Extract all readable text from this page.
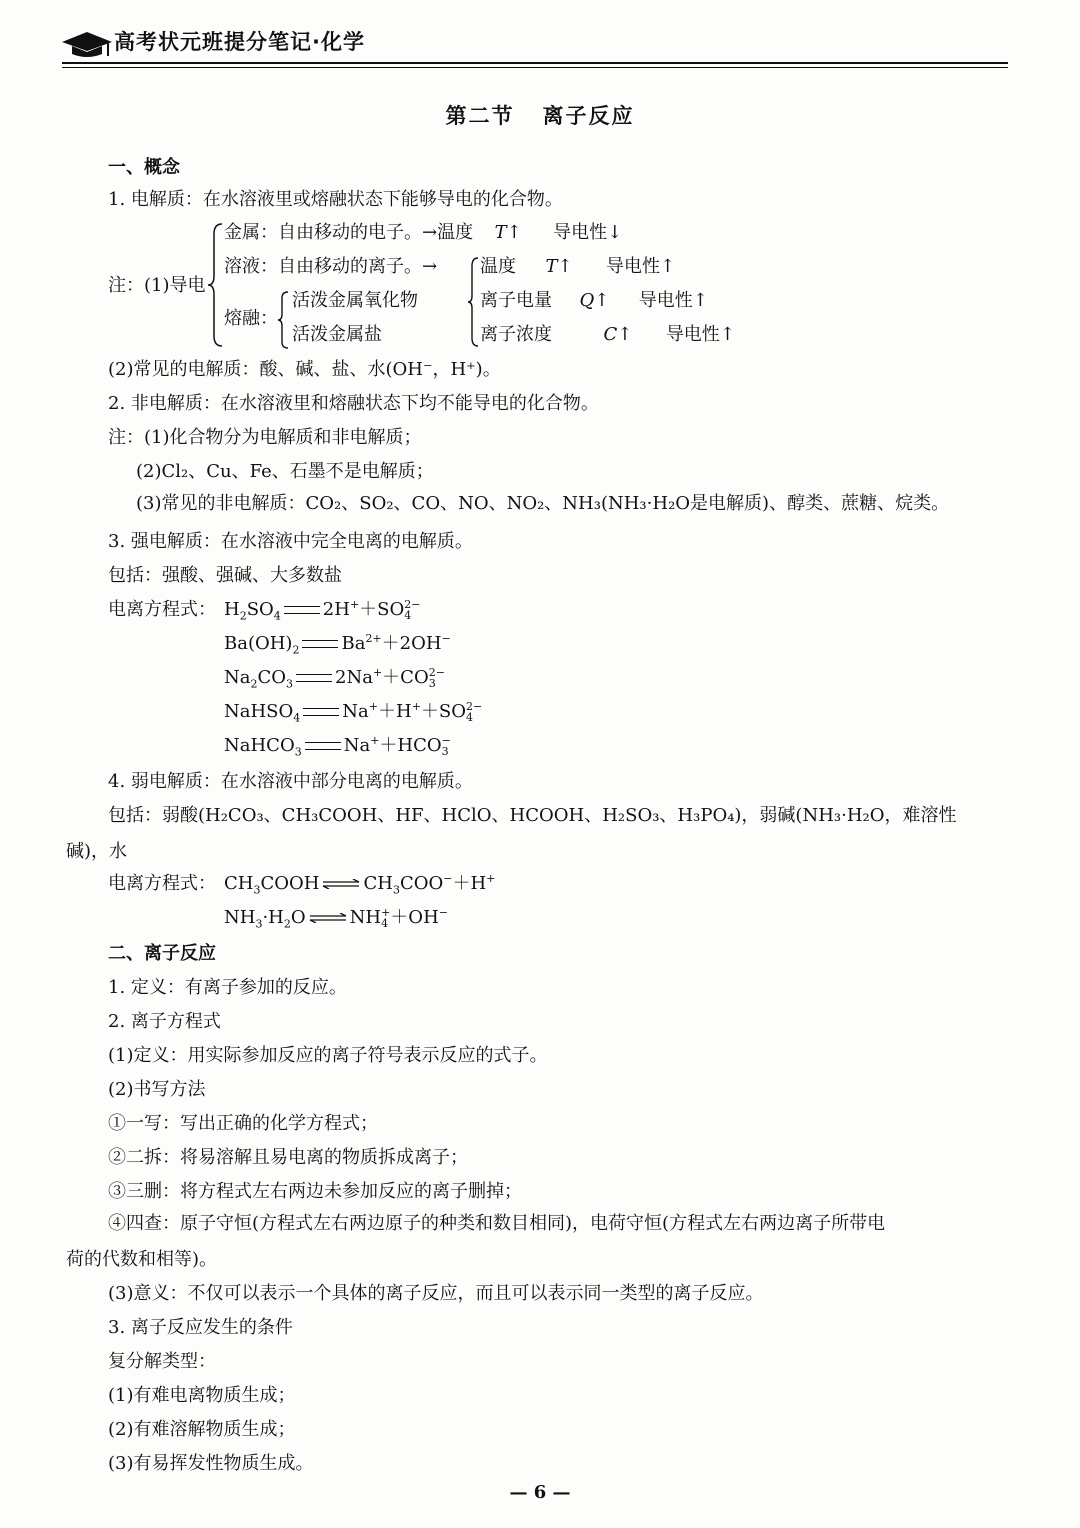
高考状元班提分笔记·化学
第二节 离子反应
一、概念
1. 电解质：在水溶液里或熔融状态下能够导电的化合物。
注：(1)导电
金属：自由移动的电子。→温度 T↑ 导电性↓
溶液：自由移动的离子。→
熔融：
活泼金属氧化物
活泼金属盐
温度 T↑ 导电性↑
离子电量 Q↑ 导电性↑
离子浓度	C↑ 导电性↑
(2)常见的电解质：酸、碱、盐、水(OH⁻，H⁺)。
2. 非电解质：在水溶液里和熔融状态下均不能导电的化合物。
注：(1)化合物分为电解质和非电解质；
(2)Cl₂、Cu、Fe、石墨不是电解质；
(3)常见的非电解质：CO₂、SO₂、CO、NO、NO₂、NH₃(NH₃·H₂O是电解质)、醇类、蔗糖、烷类。
3. 强电解质：在水溶液中完全电离的电解质。
包括：强酸、强碱、大多数盐
电离方程式： $H_2SO_4$ 2H+＋SO 2−
4
$Ba(OH)_2$ $Ba^{2+}+2OH^-$
$Na_2CO_3$ 2Na+＋CO 2−
3
NaHSO$_4$ Na+＋H+＋SO 2−
4
NaHCO$_3$ Na+＋HCO −
3
4. 弱电解质：在水溶液中部分电离的电解质。
包括：弱酸(H₂CO₃、CH₃COOH、HF、HClO、HCOOH、H₂SO₃、H₃PO₄)，弱碱(NH₃·H₂O，难溶性
碱)，水
电离方程式： $CH_3COOH$ ⇌ $CH_3COO^-+H^+$
$NH_3\cdot H_2O$ ⇌ NH +
4 ＋OH−
二、离子反应
1. 定义：有离子参加的反应。
2. 离子方程式
(1)定义：用实际参加反应的离子符号表示反应的式子。
(2)书写方法
①一写：写出正确的化学方程式；
②二拆：将易溶解且易电离的物质拆成离子；
③三删：将方程式左右两边未参加反应的离子删掉；
④四查：原子守恒(方程式左右两边原子的种类和数目相同)，电荷守恒(方程式左右两边离子所带电
荷的代数和相等)。
(3)意义：不仅可以表示一个具体的离子反应，而且可以表示同一类型的离子反应。
3. 离子反应发生的条件
复分解类型：
(1)有难电离物质生成；
(2)有难溶解物质生成；
(3)有易挥发性物质生成。
— 6 —
